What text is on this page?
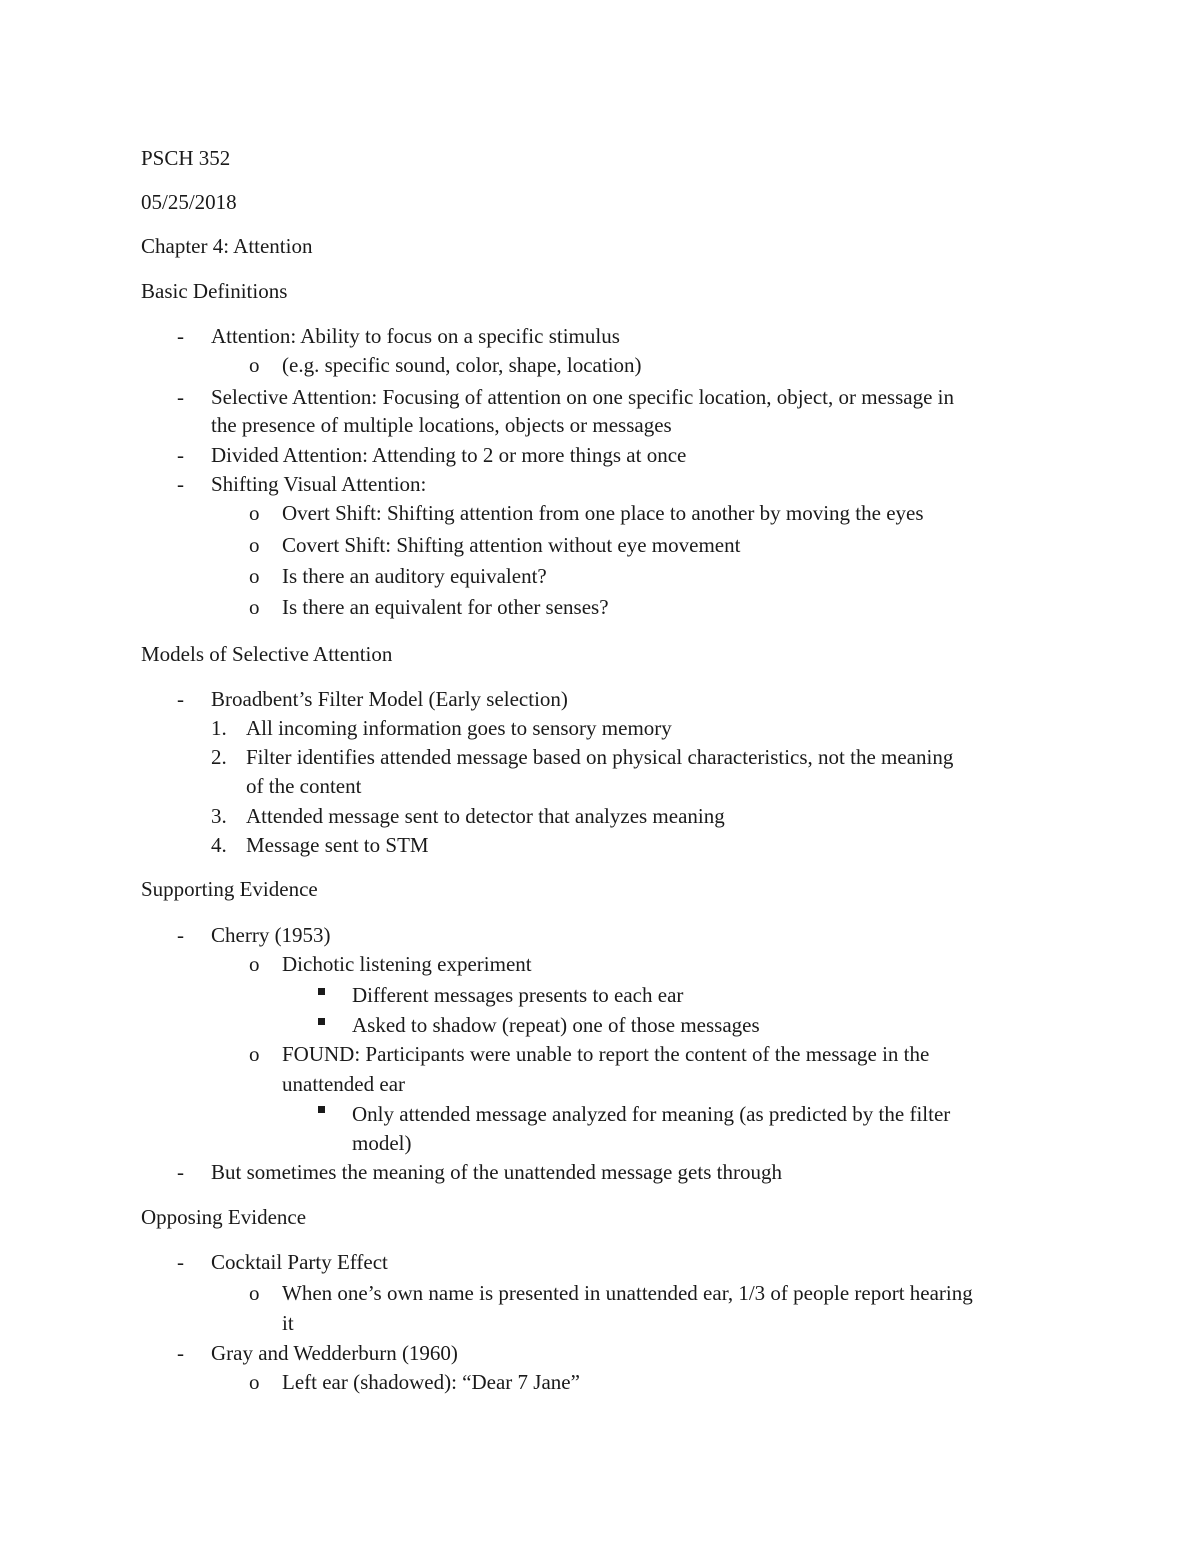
PSCH 352
05/25/2018
Chapter 4: Attention
Basic Definitions
- Attention: Ability to focus on a specific stimulus
o (e.g. specific sound, color, shape, location)
- Selective Attention: Focusing of attention on one specific location, object, or message in
the presence of multiple locations, objects or messages
- Divided Attention: Attending to 2 or more things at once
- Shifting Visual Attention:
o Overt Shift: Shifting attention from one place to another by moving the eyes
o Covert Shift: Shifting attention without eye movement
o Is there an auditory equivalent?
o Is there an equivalent for other senses?
Models of Selective Attention
- Broadbent’s Filter Model (Early selection)
1. All incoming information goes to sensory memory
2. Filter identifies attended message based on physical characteristics, not the meaning
of the content
3. Attended message sent to detector that analyzes meaning
4. Message sent to STM
Supporting Evidence
- Cherry (1953)
o Dichotic listening experiment
Different messages presents to each ear
Asked to shadow (repeat) one of those messages
o FOUND: Participants were unable to report the content of the message in the
unattended ear
Only attended message analyzed for meaning (as predicted by the filter
model)
- But sometimes the meaning of the unattended message gets through
Opposing Evidence
- Cocktail Party Effect
o When one’s own name is presented in unattended ear, 1/3 of people report hearing
it
- Gray and Wedderburn (1960)
o Left ear (shadowed): “Dear 7 Jane”
